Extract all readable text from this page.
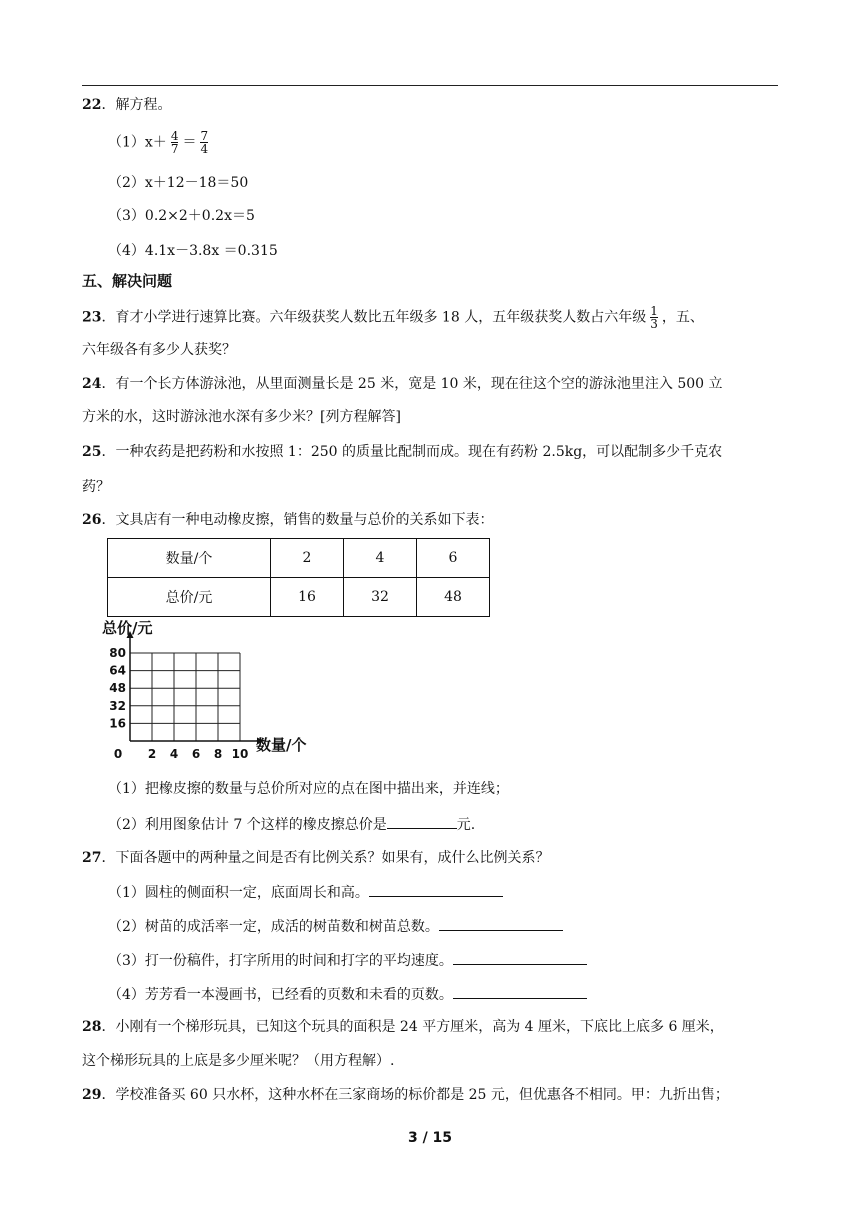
22．解方程。
$(1)x+ \frac{4}{7} = \frac{7}{4}$
（2）x＋12－18＝50
（3）0.2×2＋0.2x＝5
（4）4.1x－3.8x ＝0.315
五、解决问题
23．育才小学进行速算比赛。六年级获奖人数比五年级多 18 人，五年级获奖人数占六年级 $\frac{1}{3}$ ，五、
六年级各有多少人获奖？
24．有一个长方体游泳池，从里面测量长是 25 米，宽是 10 米，现在往这个空的游泳池里注入 500 立
方米的水，这时游泳池水深有多少米？[列方程解答]
25．一种农药是把药粉和水按照 1：250 的质量比配制而成。现在有药粉 2.5kg，可以配制多少千克农
药？
26．文具店有一种电动橡皮擦，销售的数量与总价的关系如下表：
数量/个	2	4	6
总价/元	16	32	48
0 2 4 6 8 10
16
32
48
64
80
总价/元
数量/个
（1）把橡皮擦的数量与总价所对应的点在图中描出来，并连线；
（2）利用图象估计 7 个这样的橡皮擦总价是	元.
27．下面各题中的两种量之间是否有比例关系？如果有，成什么比例关系？
（1）圆柱的侧面积一定，底面周长和高。
（2）树苗的成活率一定，成活的树苗数和树苗总数。
（3）打一份稿件，打字所用的时间和打字的平均速度。
（4）芳芳看一本漫画书，已经看的页数和未看的页数。
28．小刚有一个梯形玩具，已知这个玩具的面积是 24 平方厘米，高为 4 厘米，下底比上底多 6 厘米，
这个梯形玩具的上底是多少厘米呢？（用方程解）.
29．学校准备买 60 只水杯，这种水杯在三家商场的标价都是 25 元，但优惠各不相同。甲：九折出售；
3 / 15
